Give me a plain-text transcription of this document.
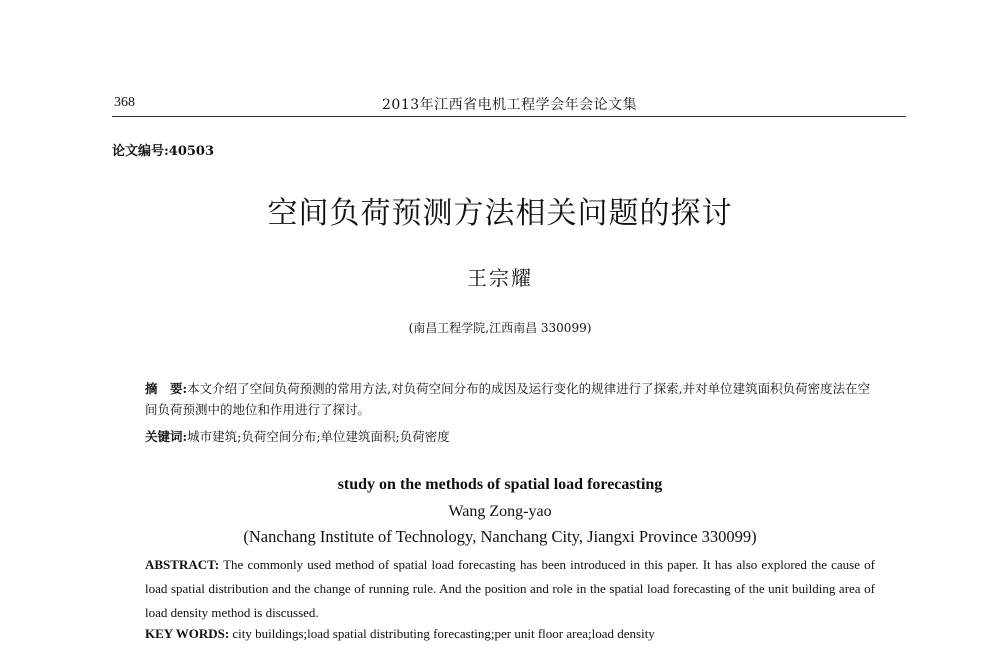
368	2013年江西省电机工程学会年会论文集
论文编号:40503
空间负荷预测方法相关问题的探讨
王宗耀
(南昌工程学院,江西南昌 330099)
摘　要:本文介绍了空间负荷预测的常用方法,对负荷空间分布的成因及运行变化的规律进行了探索,并对单位建筑面积负荷密度法在空间负荷预测中的地位和作用进行了探讨。
关键词:城市建筑;负荷空间分布;单位建筑面积;负荷密度
study on the methods of spatial load forecasting
Wang Zong-yao
(Nanchang Institute of Technology, Nanchang City, Jiangxi Province 330099)
ABSTRACT: The commonly used method of spatial load forecasting has been introduced in this paper. It has also explored the cause of load spatial distribution and the change of running rule. And the position and role in the spatial load forecasting of the unit building area of load density method is discussed.
KEY WORDS: city buildings;load spatial distributing forecasting;per unit floor area;load density
